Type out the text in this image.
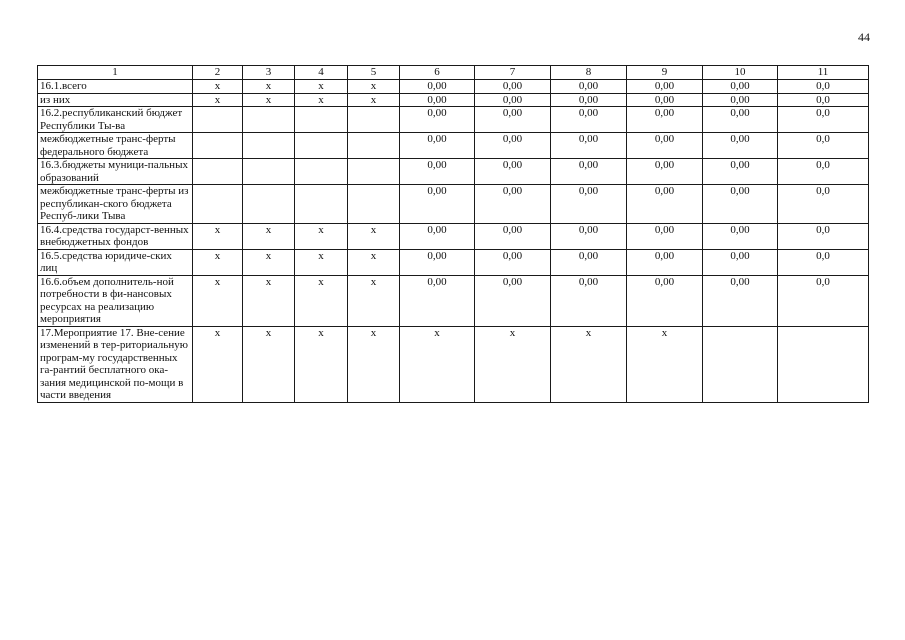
44
1	2	3	4	5	6	7	8	9	10	11
16.1.всего	х	х	х	х	0,00	0,00	0,00	0,00	0,00	0,0
из них	х	х	х	х	0,00	0,00	0,00	0,00	0,00	0,0
16.2.республиканский бюджет Республики Ты-ва					0,00	0,00	0,00	0,00	0,00	0,0
межбюджетные транс-ферты федерального бюджета					0,00	0,00	0,00	0,00	0,00	0,0
16.3.бюджеты муници-пальных образований					0,00	0,00	0,00	0,00	0,00	0,0
межбюджетные транс-ферты из республикан-ского бюджета Респуб-лики Тыва					0,00	0,00	0,00	0,00	0,00	0,0
16.4.средства государст-венных внебюджетных фондов	х	х	х	х	0,00	0,00	0,00	0,00	0,00	0,0
16.5.средства юридиче-ских лиц	х	х	х	х	0,00	0,00	0,00	0,00	0,00	0,0
16.6.объем дополнитель-ной потребности в фи-нансовых ресурсах на реализацию мероприятия	х	х	х	х	0,00	0,00	0,00	0,00	0,00	0,0
17.Мероприятие 17. Вне-сение изменений в тер-риториальную програм-му государственных га-рантий бесплатного ока-зания медицинской по-мощи в части введения	х	х	х	х	х	х	х	х		
